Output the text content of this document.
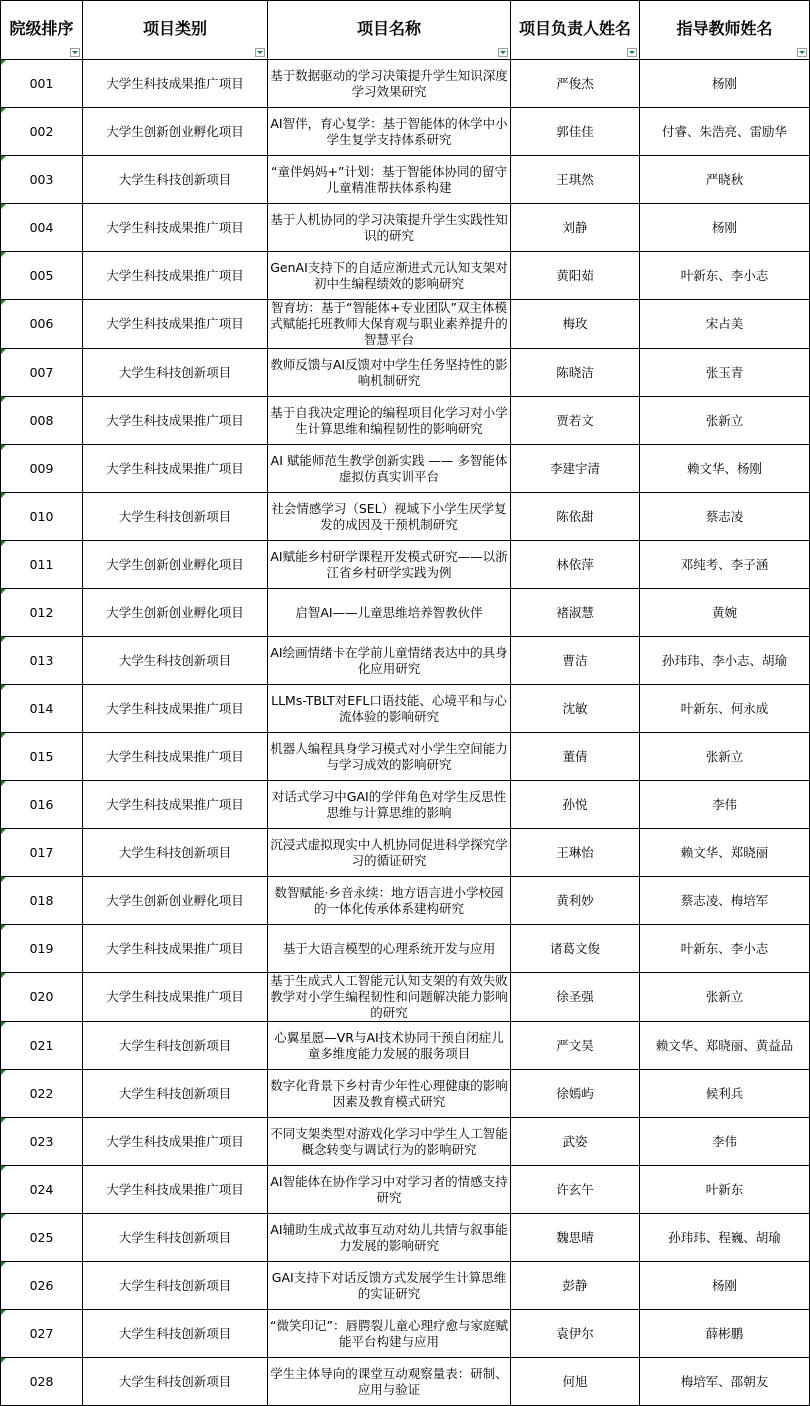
院级排序	项目类别	项目名称	项目负责人姓名	指导教师姓名

001	大学生科技成果推广项目	基于数据驱动的学习决策提升学生知识深度学习效果研究	严俊杰	杨刚
002	大学生创新创业孵化项目	AI智伴，育心复学：基于智能体的休学中小学生复学支持体系研究	郭佳佳	付睿、朱浩亮、雷励华
003	大学生科技创新项目	“童伴妈妈+”计划：基于智能体协同的留守儿童精准帮扶体系构建	王琪然	严晓秋
004	大学生科技成果推广项目	基于人机协同的学习决策提升学生实践性知识的研究	刘静	杨刚
005	大学生科技成果推广项目	GenAI支持下的自适应渐进式元认知支架对初中生编程绩效的影响研究	黄阳茹	叶新东、李小志
006	大学生科技成果推广项目	智育坊：基于“智能体+专业团队”双主体模式赋能托班教师大保育观与职业素养提升的智慧平台	梅玫	宋占美
007	大学生科技创新项目	教师反馈与AI反馈对中学生任务坚持性的影响机制研究	陈晓洁	张玉青
008	大学生科技成果推广项目	基于自我决定理论的编程项目化学习对小学生计算思维和编程韧性的影响研究	贾若文	张新立
009	大学生科技成果推广项目	AI 赋能师范生教学创新实践 —— 多智能体虚拟仿真实训平台	李建宇清	赖文华、杨刚
010	大学生科技创新项目	社会情感学习（SEL）视域下小学生厌学复发的成因及干预机制研究	陈依甜	蔡志凌
011	大学生创新创业孵化项目	AI赋能乡村研学课程开发模式研究——以浙江省乡村研学实践为例	林依萍	邓纯考、李子涵
012	大学生创新创业孵化项目	启智AI——儿童思维培养智教伙伴	褚淑慧	黄婉
013	大学生科技创新项目	AI绘画情绪卡在学前儿童情绪表达中的具身化应用研究	曹洁	孙玮玮、李小志、胡瑜
014	大学生科技成果推广项目	LLMs-TBLT对EFL口语技能、心境平和与心流体验的影响研究	沈敏	叶新东、何永成
015	大学生科技成果推广项目	机器人编程具身学习模式对小学生空间能力与学习成效的影响研究	董倩	张新立
016	大学生科技成果推广项目	对话式学习中GAI的学伴角色对学生反思性思维与计算思维的影响	孙悦	李伟
017	大学生科技创新项目	沉浸式虚拟现实中人机协同促进科学探究学习的循证研究	王琳怡	赖文华、郑晓丽
018	大学生创新创业孵化项目	数智赋能·乡音永续：地方语言进小学校园的一体化传承体系建构研究	黄利妙	蔡志凌、梅培军
019	大学生科技成果推广项目	基于大语言模型的心理系统开发与应用	诸葛文俊	叶新东、李小志
020	大学生科技成果推广项目	基于生成式人工智能元认知支架的有效失败教学对小学生编程韧性和问题解决能力影响的研究	徐圣强	张新立
021	大学生科技创新项目	心翼星愿—VR与AI技术协同干预自闭症儿童多维度能力发展的服务项目	严文昊	赖文华、郑晓丽、黄益品
022	大学生科技创新项目	数字化背景下乡村青少年性心理健康的影响因素及教育模式研究	徐嫣屿	候利兵
023	大学生科技成果推广项目	不同支架类型对游戏化学习中学生人工智能概念转变与调试行为的影响研究	武姿	李伟
024	大学生科技成果推广项目	AI智能体在协作学习中对学习者的情感支持研究	许玄午	叶新东
025	大学生科技创新项目	AI辅助生成式故事互动对幼儿共情与叙事能力发展的影响研究	魏思晴	孙玮玮、程巍、胡瑜
026	大学生科技创新项目	GAI支持下对话反馈方式发展学生计算思维的实证研究	彭静	杨刚
027	大学生科技创新项目	“微笑印记”：唇腭裂儿童心理疗愈与家庭赋能平台构建与应用	袁伊尔	薛彬鹏
028	大学生科技创新项目	学生主体导向的课堂互动观察量表：研制、应用与验证	何旭	梅培军、邵朝友
